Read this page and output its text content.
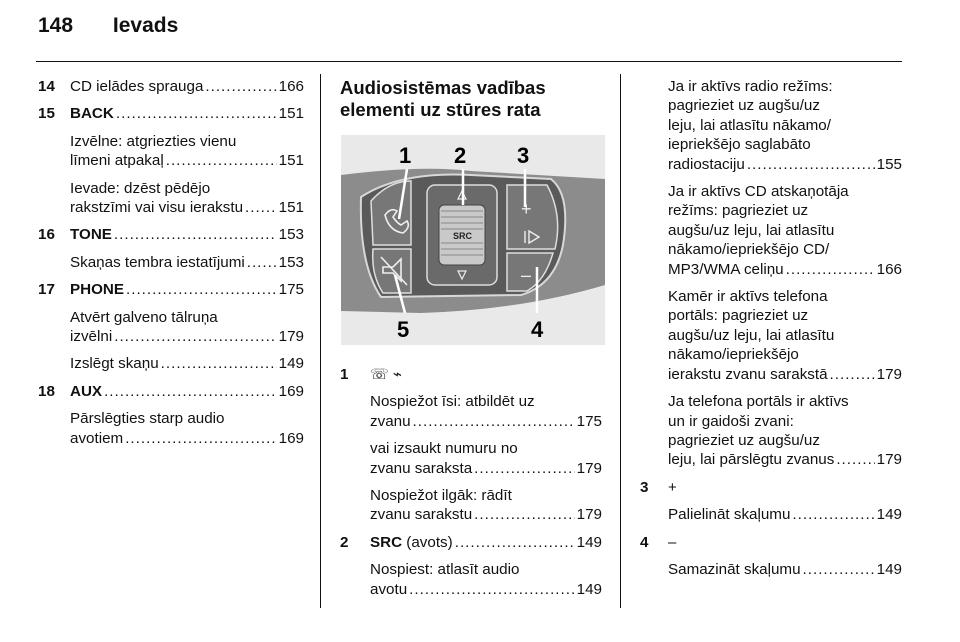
148 Ievads
14 CD ielādes sprauga .....	166
15 BACK .....	151
Izvēlne: atgriezties vienu
līmeni atpakaļ .....	151
Ievade: dzēst pēdējo
rakstzīmi vai visu ierakstu ..... 151
16 TONE .....	153
Skaņas tembra iestatījumi ..... 153
17 PHONE .....	175
Atvērt galveno tālruņa
izvēlni .....	179
Izslēgt skaņu .....	149
18 AUX .....	169
Pārslēgties starp audio
avotiem .....	169
Audiosistēmas vadības
elementi uz stūres rata
1 2 3
4
5
SRC
+
–
1 ☏ ⌁
Nospiežot īsi: atbildēt uz
zvanu .....	175
vai izsaukt numuru no
zvanu saraksta .....	179
Nospiežot ilgāk: rādīt
zvanu sarakstu .....	179
2 SRC (avots) .....	149
Nospiest: atlasīt audio
avotu .....	149
Ja ir aktīvs radio režīms:
pagrieziet uz augšu/uz
leju, lai atlasītu nākamo/
iepriekšējo saglabāto
radiostaciju .....	155
Ja ir aktīvs CD atskaņotāja
režīms: pagrieziet uz
augšu/uz leju, lai atlasītu
nākamo/iepriekšējo CD/
MP3/WMA celiņu .....	166
Kamēr ir aktīvs telefona
portāls: pagrieziet uz
augšu/uz leju, lai atlasītu
nākamo/iepriekšējo
ierakstu zvanu sarakstā .....	179
Ja telefona portāls ir aktīvs
un ir gaidoši zvani:
pagrieziet uz augšu/uz
leju, lai pārslēgtu zvanus .....	179
3 +
Palielināt skaļumu .....	149
4 –
Samazināt skaļumu .....	149
